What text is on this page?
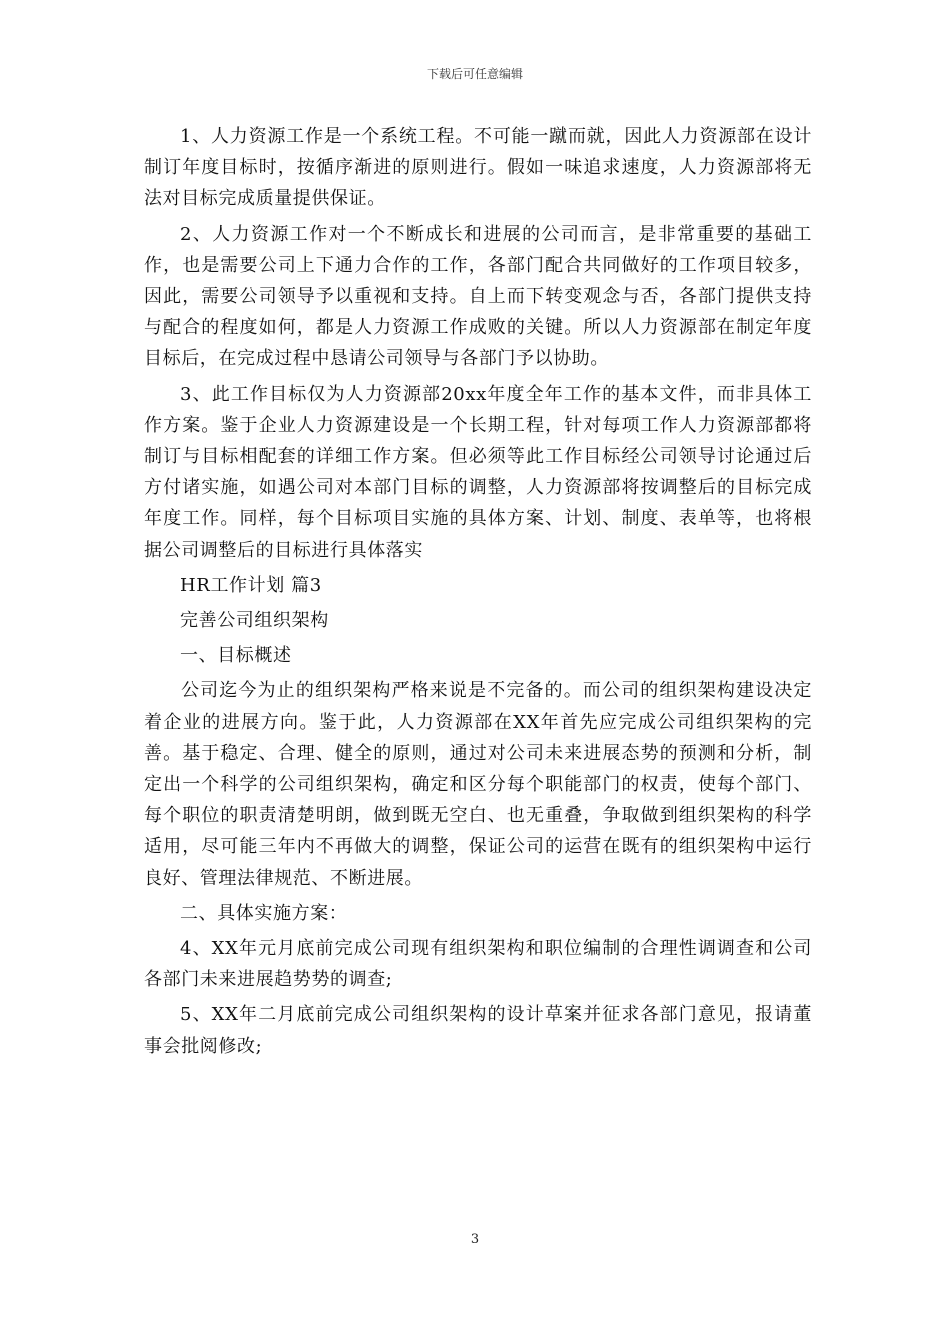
下载后可任意编辑

1、人力资源工作是一个系统工程。不可能一蹴而就，因此人力资源部在设计制订年度目标时，按循序渐进的原则进行。假如一味追求速度，人力资源部将无法对目标完成质量提供保证。

2、人力资源工作对一个不断成长和进展的公司而言，是非常重要的基础工作，也是需要公司上下通力合作的工作，各部门配合共同做好的工作项目较多，因此，需要公司领导予以重视和支持。自上而下转变观念与否，各部门提供支持与配合的程度如何，都是人力资源工作成败的关键。所以人力资源部在制定年度目标后，在完成过程中恳请公司领导与各部门予以协助。

3、此工作目标仅为人力资源部20xx年度全年工作的基本文件，而非具体工作方案。鉴于企业人力资源建设是一个长期工程，针对每项工作人力资源部都将制订与目标相配套的详细工作方案。但必须等此工作目标经公司领导讨论通过后方付诸实施，如遇公司对本部门目标的调整，人力资源部将按调整后的目标完成年度工作。同样，每个目标项目实施的具体方案、计划、制度、表单等，也将根据公司调整后的目标进行具体落实

HR工作计划 篇3

完善公司组织架构

一、目标概述

公司迄今为止的组织架构严格来说是不完备的。而公司的组织架构建设决定着企业的进展方向。鉴于此，人力资源部在XX年首先应完成公司组织架构的完善。基于稳定、合理、健全的原则，通过对公司未来进展态势的预测和分析，制定出一个科学的公司组织架构，确定和区分每个职能部门的权责，使每个部门、每个职位的职责清楚明朗，做到既无空白、也无重叠，争取做到组织架构的科学适用，尽可能三年内不再做大的调整，保证公司的运营在既有的组织架构中运行良好、管理法律规范、不断进展。

二、具体实施方案：

4、XX年元月底前完成公司现有组织架构和职位编制的合理性调调查和公司各部门未来进展趋势势的调查;

5、XX年二月底前完成公司组织架构的设计草案并征求各部门意见，报请董事会批阅修改;

3
